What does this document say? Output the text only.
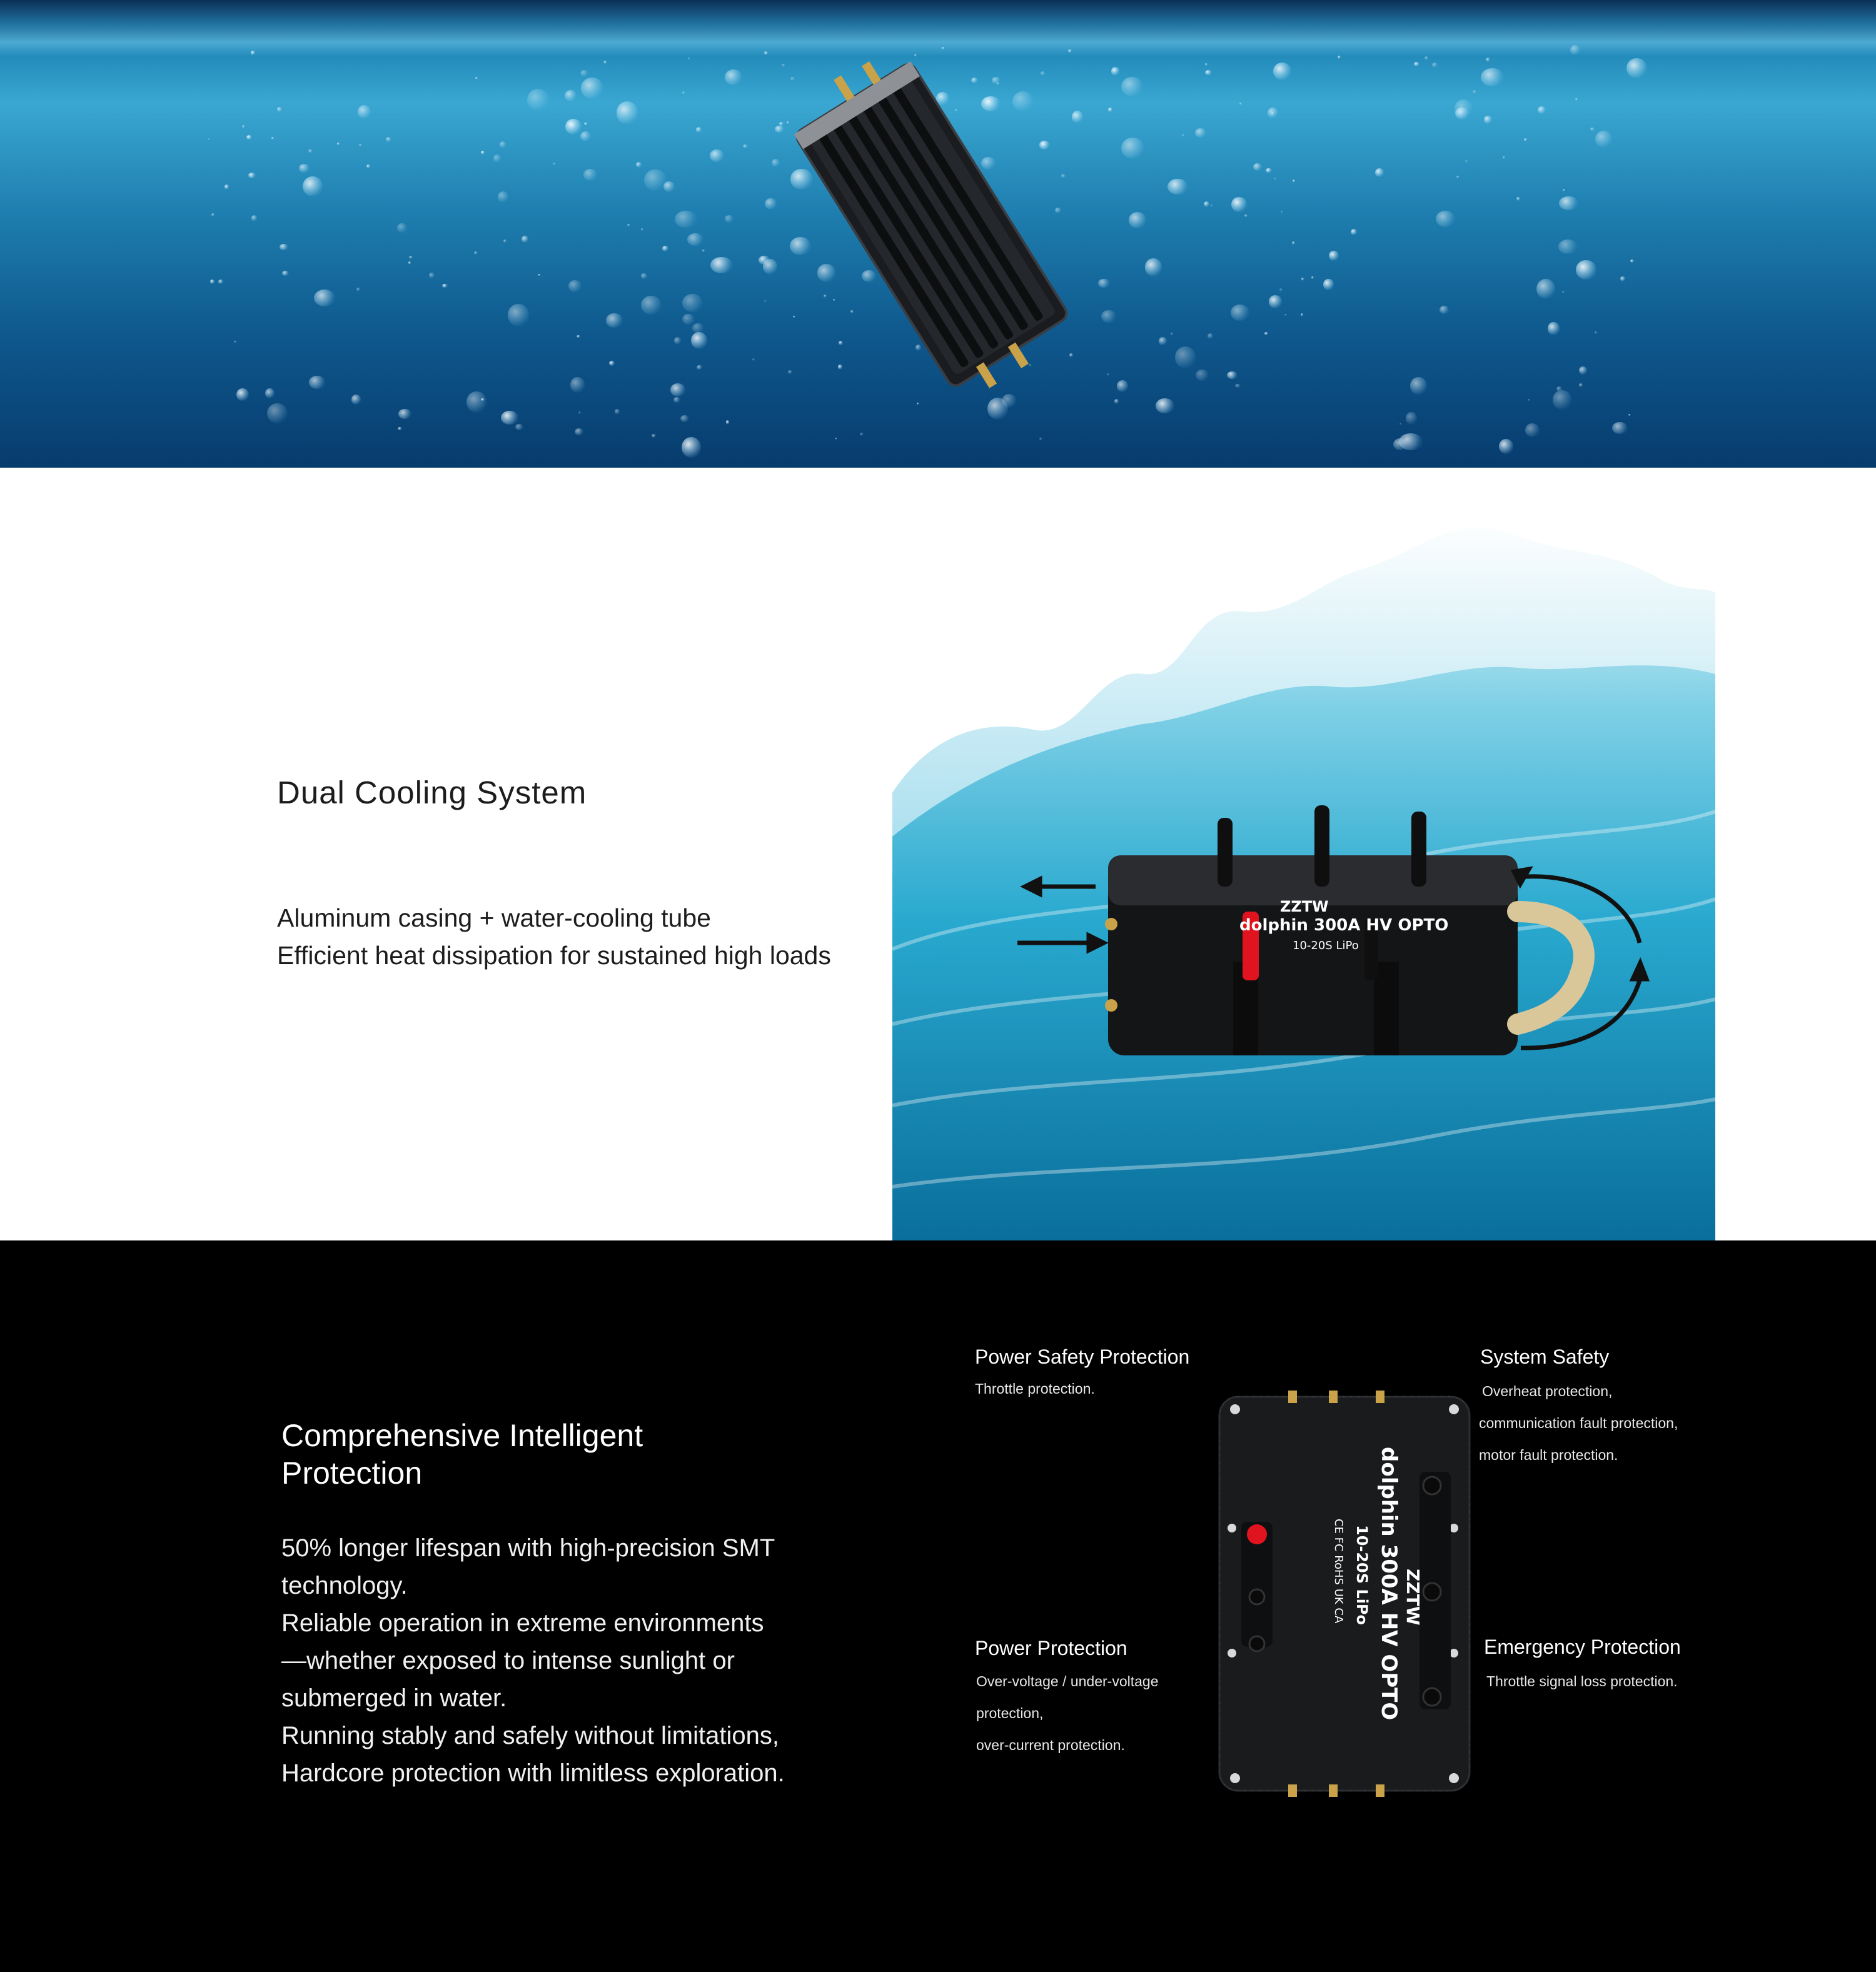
Dual Cooling System
Aluminum casing + water-cooling tube
Efficient heat dissipation for sustained high loads
dolphin 300A HV OPTO
10-20S LiPo
ZZTW
Comprehensive Intelligent Protection
50% longer lifespan with high-precision SMT technology.
Reliable operation in extreme environments
—whether exposed to intense sunlight or submerged in water.
Running stably and safely without limitations,
Hardcore protection with limitless exploration.
Power Safety Protection
Throttle protection.
System Safety
Overheat protection,
communication fault protection,
motor fault protection.
Power Protection
Over-voltage / under-voltage
protection,
over-current protection.
Emergency Protection
Throttle signal loss protection.
dolphin 300A HV OPTO
10-20S LiPo
CE FC RoHS UK CA	ZZTW
